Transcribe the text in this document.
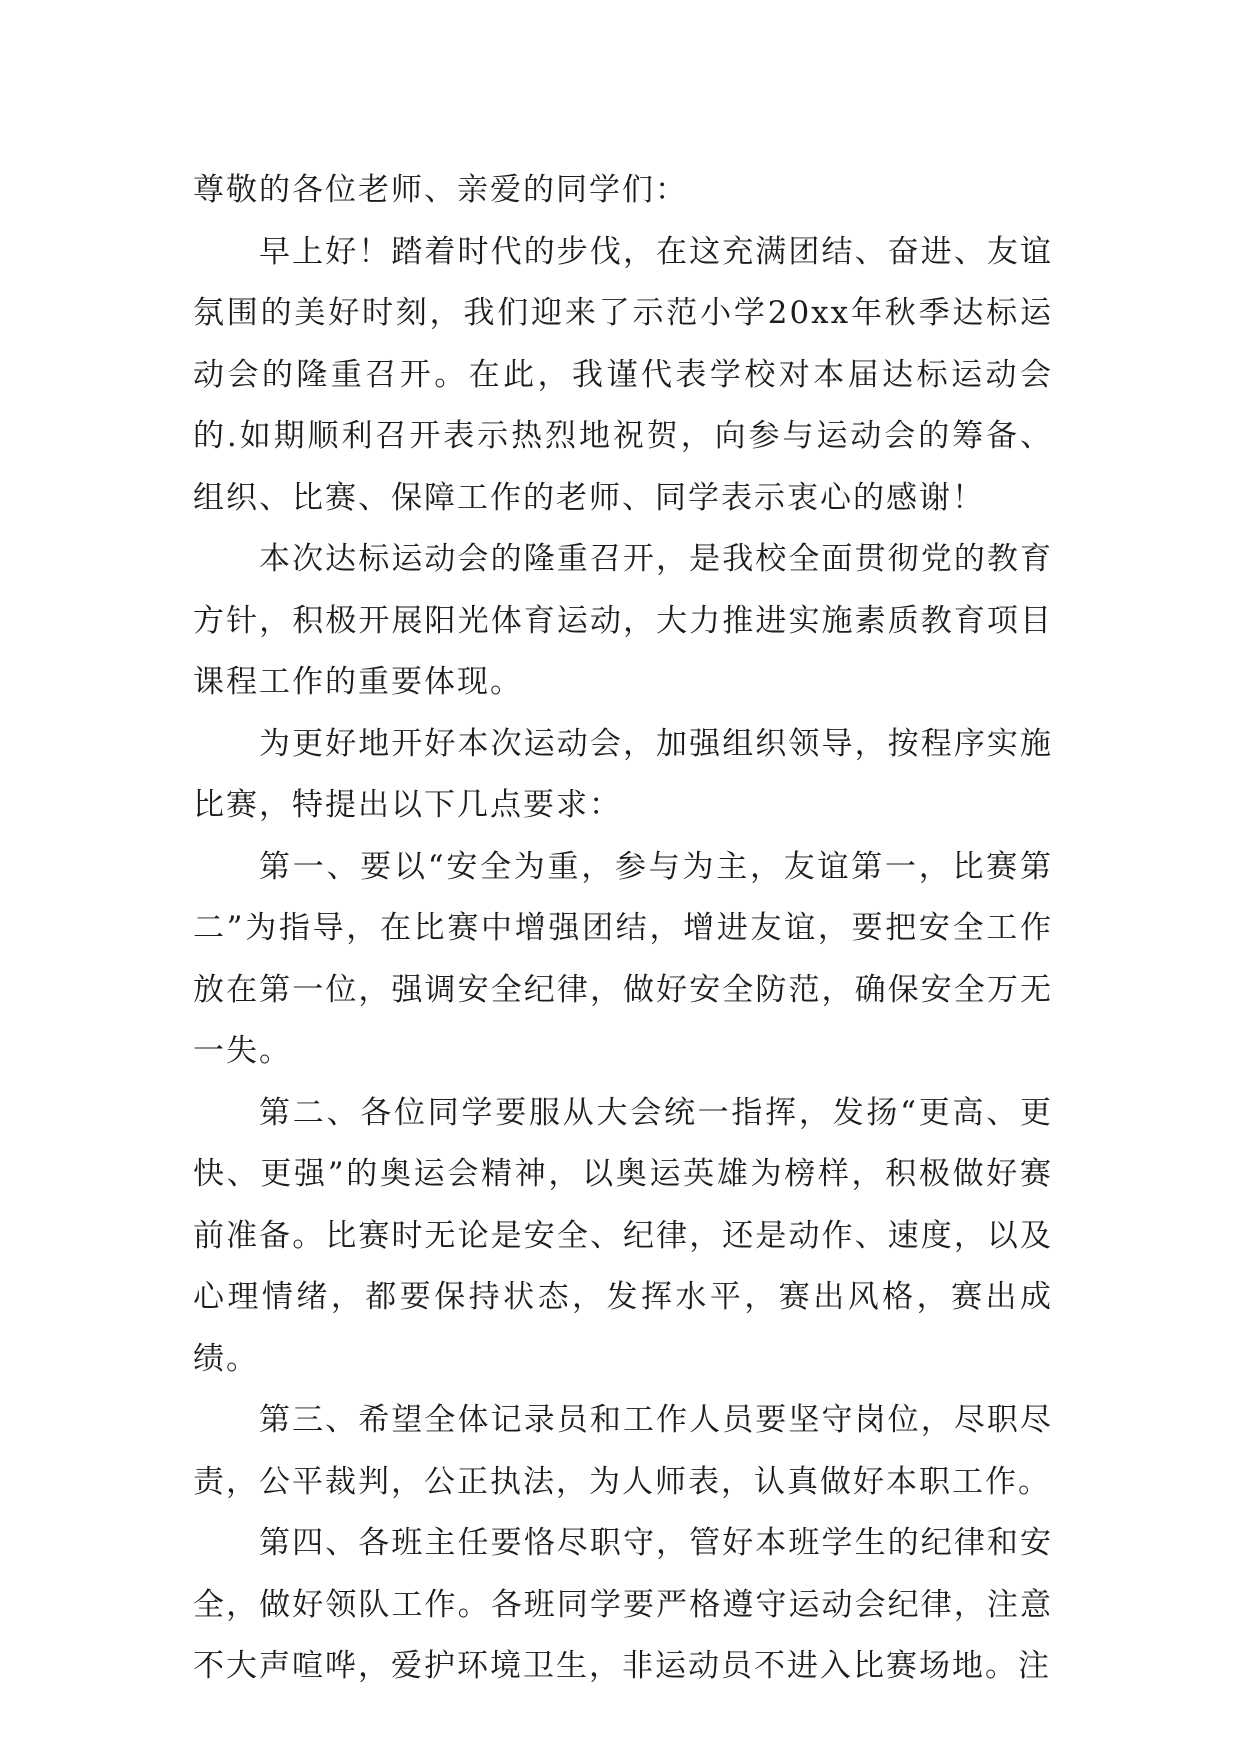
尊敬的各位老师、亲爱的同学们：

早上好！踏着时代的步伐，在这充满团结、奋进、友谊氛围的美好时刻，我们迎来了示范小学20xx年秋季达标运动会的隆重召开。在此，我谨代表学校对本届达标运动会的.如期顺利召开表示热烈地祝贺，向参与运动会的筹备、组织、比赛、保障工作的老师、同学表示衷心的感谢！

本次达标运动会的隆重召开，是我校全面贯彻党的教育方针，积极开展阳光体育运动，大力推进实施素质教育项目课程工作的重要体现。

为更好地开好本次运动会，加强组织领导，按程序实施比赛，特提出以下几点要求：

第一、要以“安全为重，参与为主，友谊第一，比赛第二”为指导，在比赛中增强团结，增进友谊，要把安全工作放在第一位，强调安全纪律，做好安全防范，确保安全万无一失。

第二、各位同学要服从大会统一指挥，发扬“更高、更快、更强”的奥运会精神，以奥运英雄为榜样，积极做好赛前准备。比赛时无论是安全、纪律，还是动作、速度，以及心理情绪，都要保持状态，发挥水平，赛出风格，赛出成绩。

第三、希望全体记录员和工作人员要坚守岗位，尽职尽责，公平裁判，公正执法，为人师表，认真做好本职工作。

第四、各班主任要恪尽职守，管好本班学生的纪律和安全，做好领队工作。各班同学要严格遵守运动会纪律，注意不大声喧哗，爱护环境卫生，非运动员不进入比赛场地。注
